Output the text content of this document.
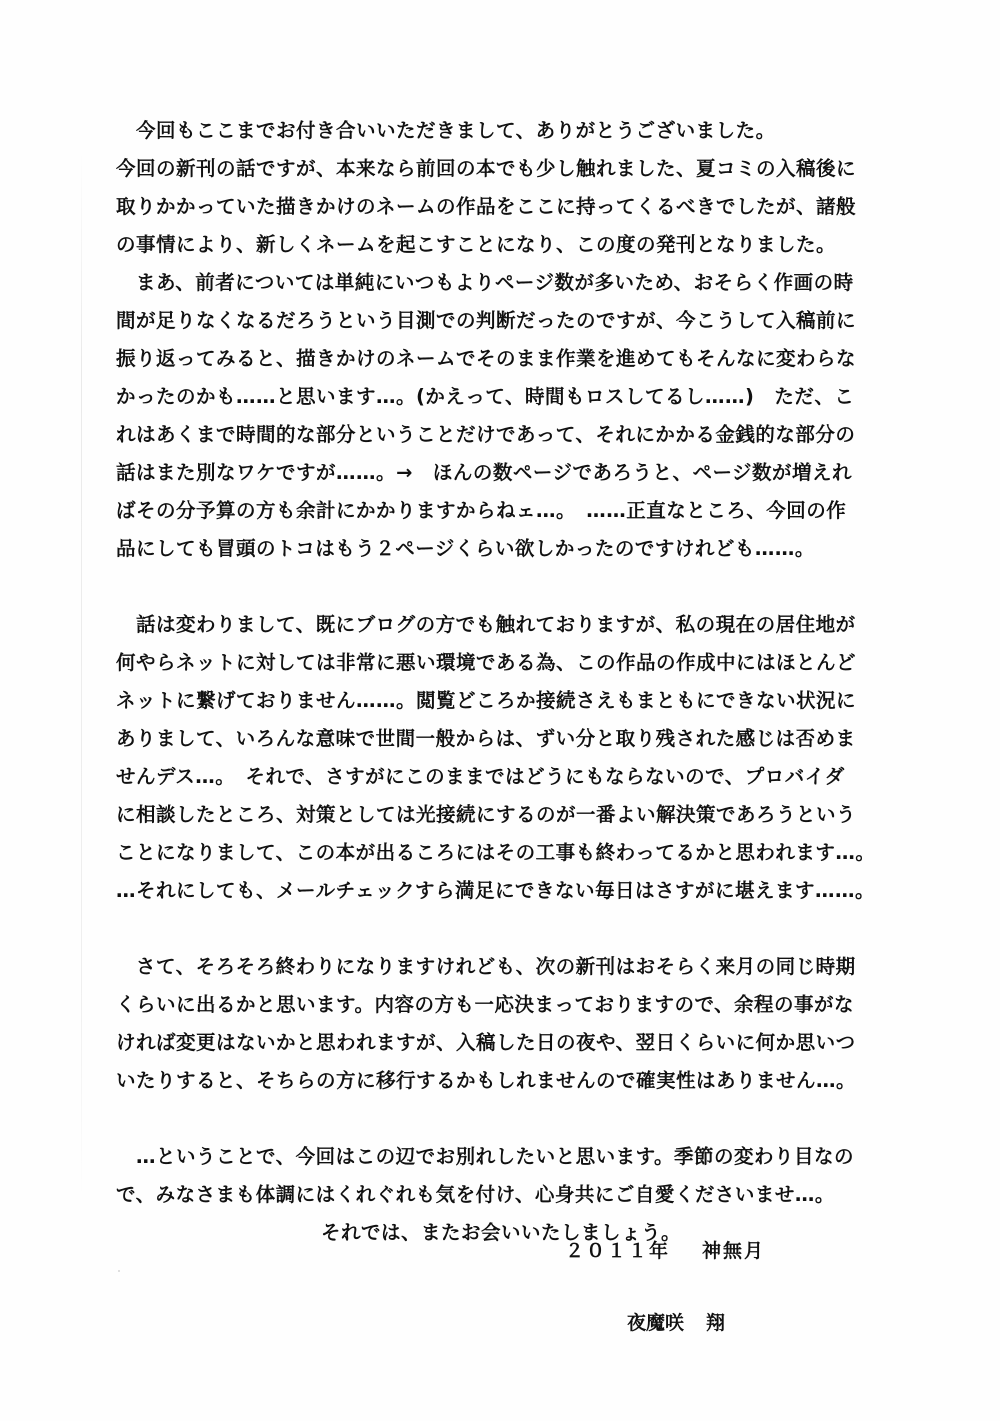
　今回もここまでお付き合いいただきまして、ありがとうございました。
今回の新刊の話ですが、本来なら前回の本でも少し触れました、夏コミの入稿後に
取りかかっていた描きかけのネームの作品をここに持ってくるべきでしたが、諸般
の事情により、新しくネームを起こすことになり、この度の発刊となりました。
　まあ、前者については単純にいつもよりページ数が多いため、おそらく作画の時
間が足りなくなるだろうという目測での判断だったのですが、今こうして入稿前に
振り返ってみると、描きかけのネームでそのまま作業を進めてもそんなに変わらな
かったのかも……と思います…。(かえって、時間もロスしてるし……)　ただ、こ
れはあくまで時間的な部分ということだけであって、それにかかる金銭的な部分の
話はまた別なワケですが……。→　ほんの数ページであろうと、ページ数が増えれ
ばその分予算の方も余計にかかりますからねェ…。　……正直なところ、今回の作
品にしても冒頭のトコはもう２ページくらい欲しかったのですけれども……。
　話は変わりまして、既にブログの方でも触れておりますが、私の現在の居住地が
何やらネットに対しては非常に悪い環境である為、この作品の作成中にはほとんど
ネットに繋げておりません……。閲覧どころか接続さえもまともにできない状況に
ありまして、いろんな意味で世間一般からは、ずい分と取り残された感じは否めま
せんデス…。　それで、さすがにこのままではどうにもならないので、プロバイダ
に相談したところ、対策としては光接続にするのが一番よい解決策であろうという
ことになりまして、この本が出るころにはその工事も終わってるかと思われます…。
…それにしても、メールチェックすら満足にできない毎日はさすがに堪えます……。
　さて、そろそろ終わりになりますけれども、次の新刊はおそらく来月の同じ時期
くらいに出るかと思います。内容の方も一応決まっておりますので、余程の事がな
ければ変更はないかと思われますが、入稿した日の夜や、翌日くらいに何か思いつ
いたりすると、そちらの方に移行するかもしれませんので確実性はありません…。
　…ということで、今回はこの辺でお別れしたいと思います。季節の変わり目なの
で、みなさまも体調にはくれぐれも気を付け、心身共にご自愛くださいませ…。
それでは、またお会いいたしましょう。
２０１１年 神無月
夜魔咲 翔
